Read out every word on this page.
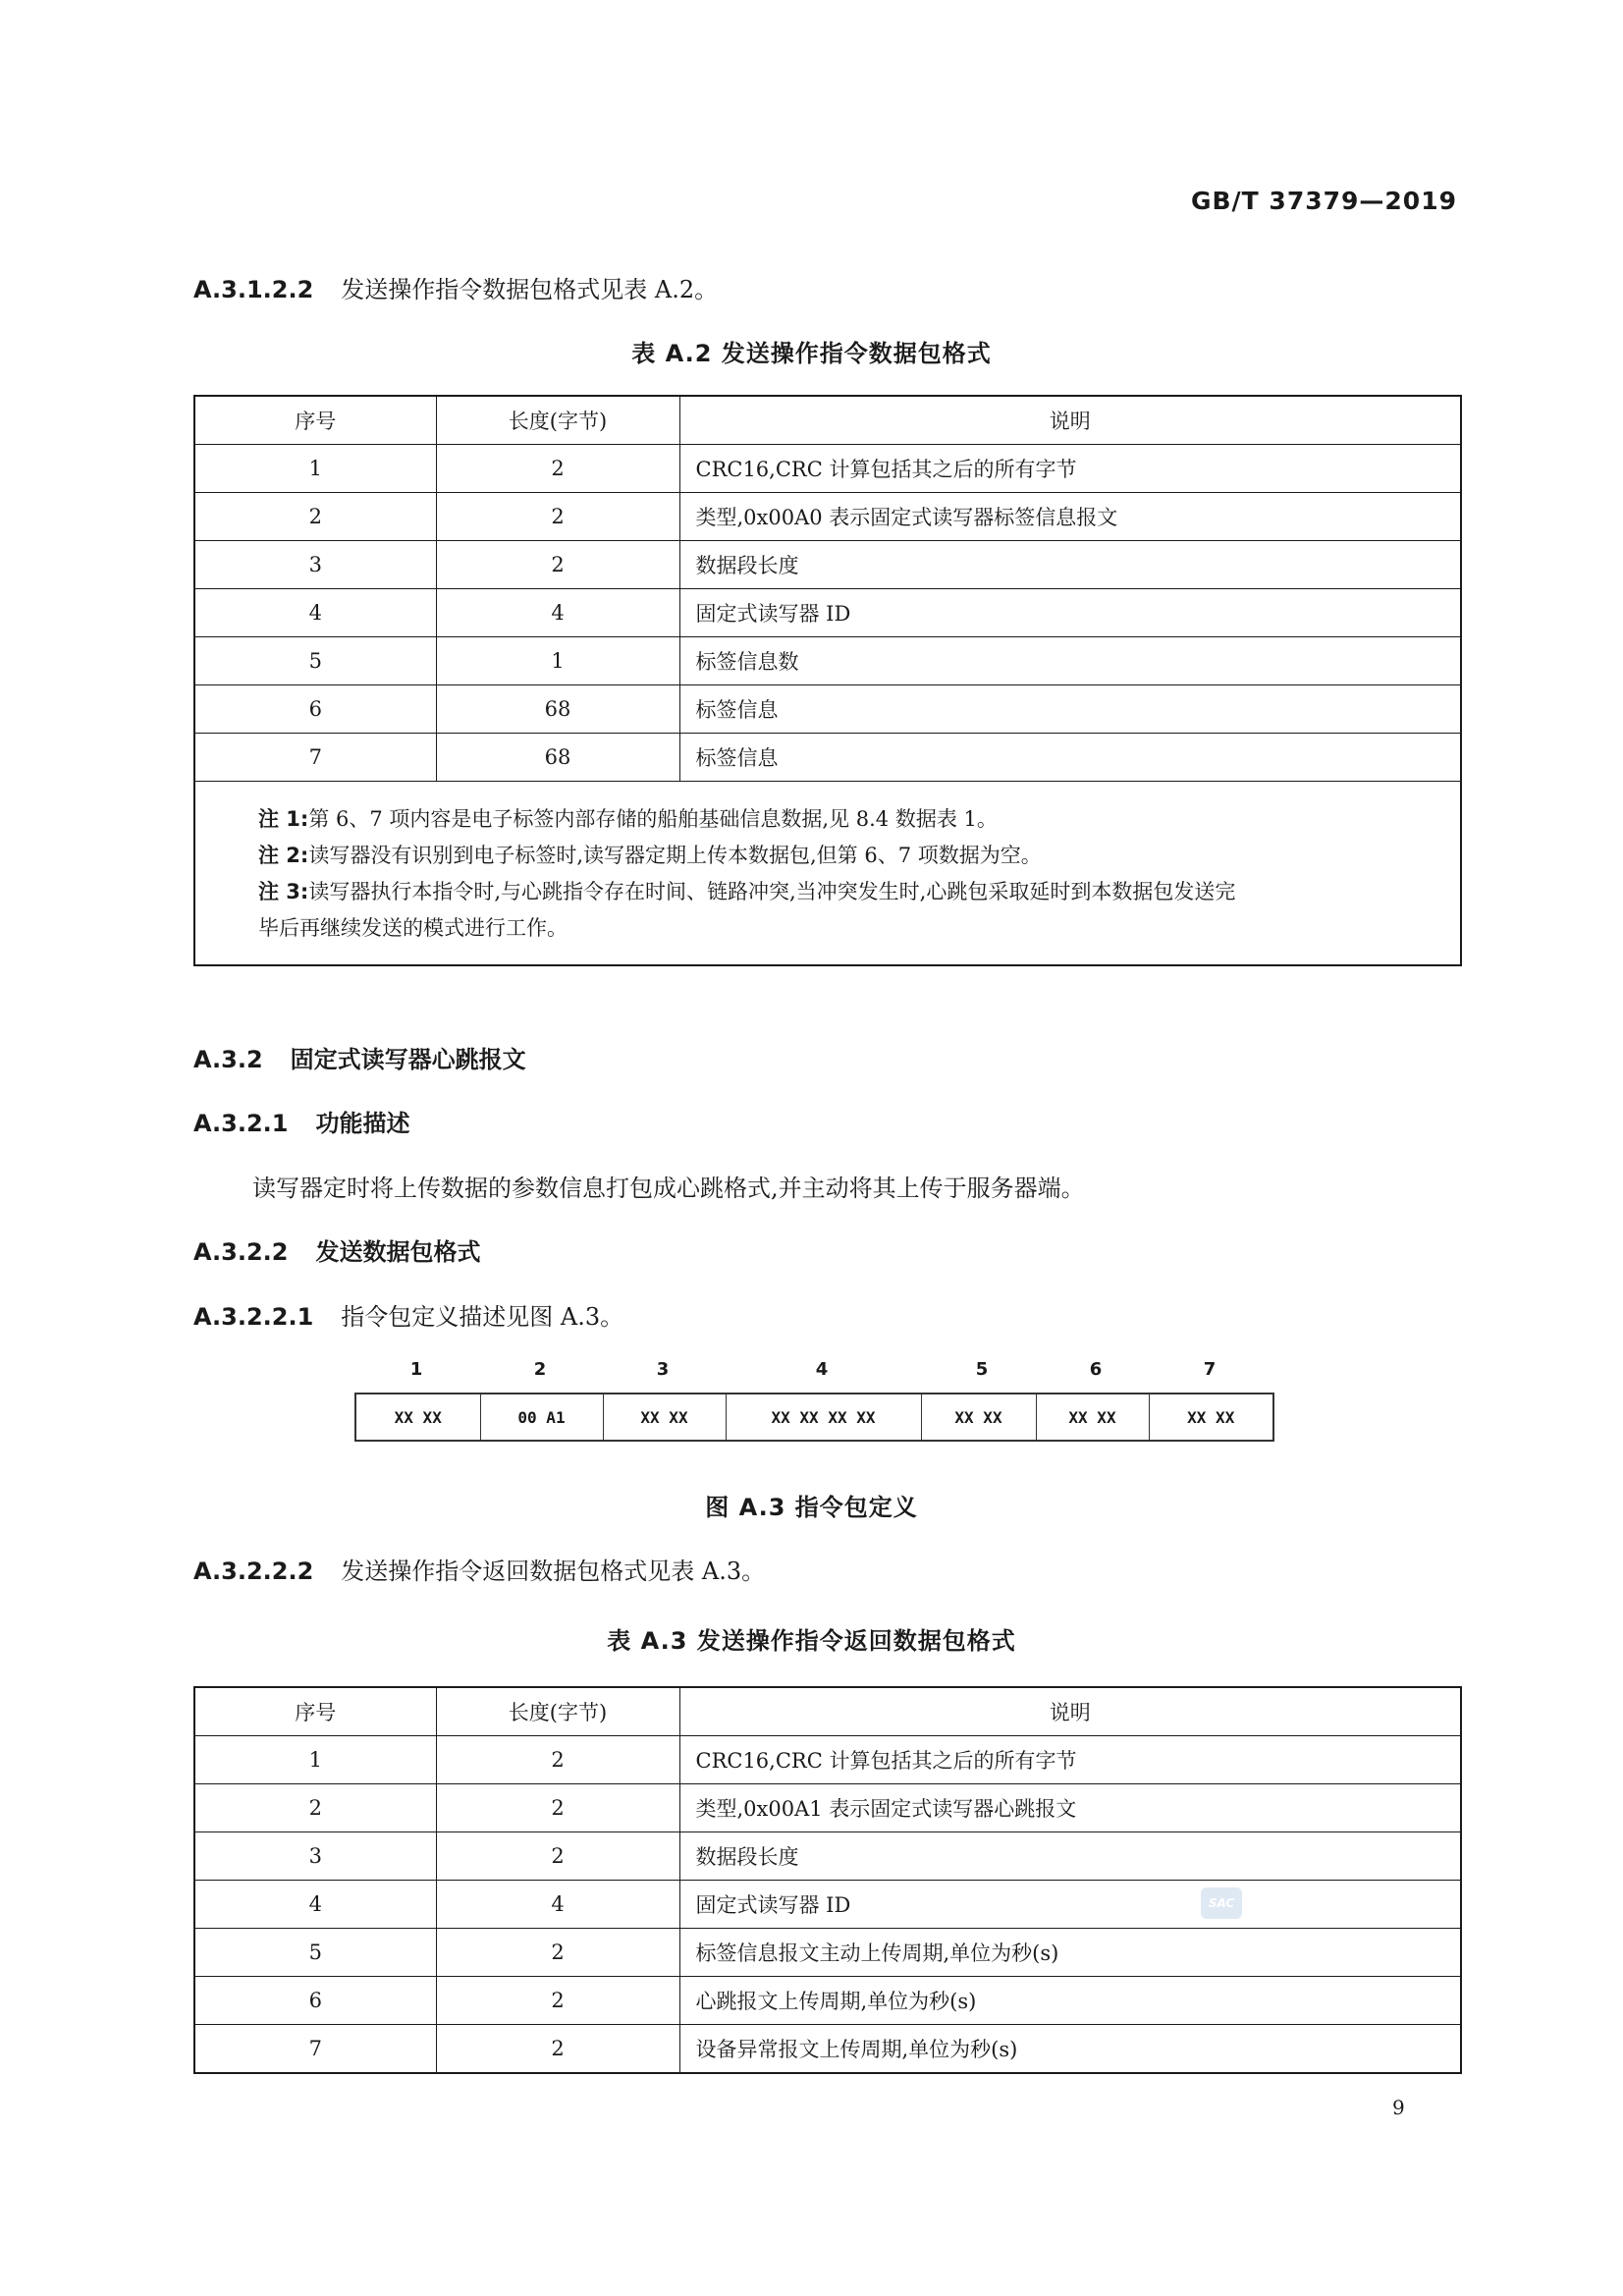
GB/T 37379—2019
A.3.1.2.2 发送操作指令数据包格式见表 A.2。
表 A.2 发送操作指令数据包格式
序号	长度(字节)	说明
1	2	CRC16,CRC 计算包括其之后的所有字节
2	2	类型,0x00A0 表示固定式读写器标签信息报文
3	2	数据段长度
4	4	固定式读写器 ID
5	1	标签信息数
6	68	标签信息
7	68	标签信息

注 1:第 6、7 项内容是电子标签内部存储的船舶基础信息数据,见 8.4 数据表 1。

注 2:读写器没有识别到电子标签时,读写器定期上传本数据包,但第 6、7 项数据为空。

注 3:读写器执行本指令时,与心跳指令存在时间、链路冲突,当冲突发生时,心跳包采取延时到本数据包发送完

毕后再继续发送的模式进行工作。		

A.3.2 固定式读写器心跳报文
A.3.2.1 功能描述
读写器定时将上传数据的参数信息打包成心跳格式,并主动将其上传于服务器端。
A.3.2.2 发送数据包格式
A.3.2.2.1 指令包定义描述见图 A.3。
1	2	3	4	5	6	7
XX XX	00 A1	XX XX	XX XX XX XX	XX XX	XX XX	XX XX
图 A.3 指令包定义
A.3.2.2.2 发送操作指令返回数据包格式见表 A.3。
表 A.3 发送操作指令返回数据包格式
序号	长度(字节)	说明
1	2	CRC16,CRC 计算包括其之后的所有字节
2	2	类型,0x00A1 表示固定式读写器心跳报文
3	2	数据段长度
4	4	固定式读写器 ID
5	2	标签信息报文主动上传周期,单位为秒(s)
6	2	心跳报文上传周期,单位为秒(s)
7	2	设备异常报文上传周期,单位为秒(s)
SAC
9
